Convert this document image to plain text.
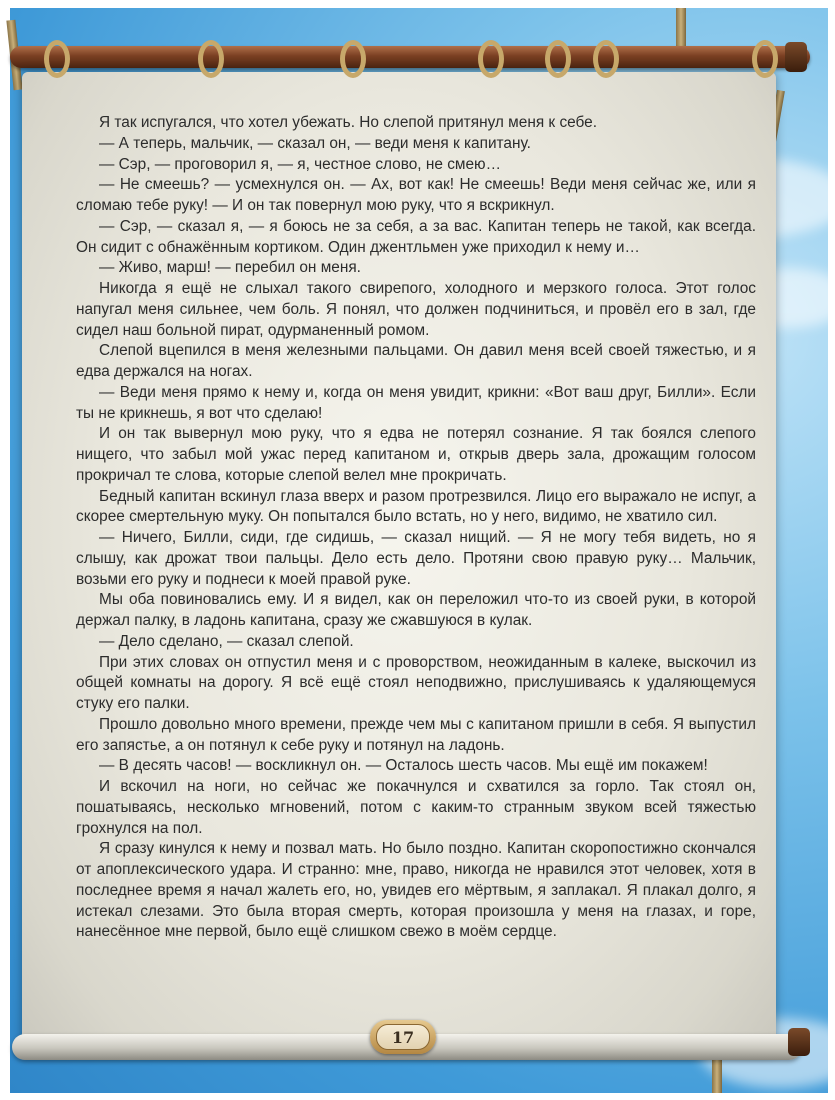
Я так испугался, что хотел убежать. Но слепой притянул меня к себе.

— А теперь, мальчик, — сказал он, — веди меня к капитану.

— Сэр, — проговорил я, — я, честное слово, не смею…

— Не смеешь? — усмехнулся он. — Ах, вот как! Не смеешь! Веди меня сейчас же, или я сломаю тебе руку! — И он так повернул мою руку, что я вскрикнул.

— Сэр, — сказал я, — я боюсь не за себя, а за вас. Капитан теперь не такой, как всегда. Он сидит с обнажённым кортиком. Один джентльмен уже приходил к нему и…

— Живо, марш! — перебил он меня.

Никогда я ещё не слыхал такого свирепого, холодного и мерзкого голоса. Этот голос напугал меня сильнее, чем боль. Я понял, что должен подчиниться, и провёл его в зал, где сидел наш больной пират, одурманенный ромом.

Слепой вцепился в меня железными пальцами. Он давил меня всей своей тяжестью, и я едва держался на ногах.

— Веди меня прямо к нему и, когда он меня увидит, крикни: «Вот ваш друг, Билли». Если ты не крикнешь, я вот что сделаю!

И он так вывернул мою руку, что я едва не потерял сознание. Я так боялся слепого нищего, что забыл мой ужас перед капитаном и, открыв дверь зала, дрожащим голосом прокричал те слова, которые слепой велел мне прокричать.

Бедный капитан вскинул глаза вверх и разом протрезвился. Лицо его выражало не испуг, а скорее смертельную муку. Он попытался было встать, но у него, видимо, не хватило сил.

— Ничего, Билли, сиди, где сидишь, — сказал нищий. — Я не могу тебя видеть, но я слышу, как дрожат твои пальцы. Дело есть дело. Протяни свою правую руку… Мальчик, возьми его руку и поднеси к моей правой руке.

Мы оба повиновались ему. И я видел, как он переложил что-то из своей руки, в которой держал палку, в ладонь капитана, сразу же сжавшуюся в кулак.

— Дело сделано, — сказал слепой.

При этих словах он отпустил меня и с проворством, неожиданным в калеке, выскочил из общей комнаты на дорогу. Я всё ещё стоял неподвижно, прислушиваясь к удаляющемуся стуку его палки.

Прошло довольно много времени, прежде чем мы с капитаном пришли в себя. Я выпустил его запястье, а он потянул к себе руку и потянул на ладонь.

— В десять часов! — воскликнул он. — Осталось шесть часов. Мы ещё им покажем!

И вскочил на ноги, но сейчас же покачнулся и схватился за горло. Так стоял он, пошатываясь, несколько мгновений, потом с каким-то странным звуком всей тяжестью грохнулся на пол.

Я сразу кинулся к нему и позвал мать. Но было поздно. Капитан скоропостижно скончался от апоплексического удара. И странно: мне, право, никогда не нравился этот человек, хотя в последнее время я начал жалеть его, но, увидев его мёртвым, я заплакал. Я плакал долго, я истекал слезами. Это была вторая смерть, которая произошла у меня на глазах, и горе, нанесённое мне первой, было ещё слишком свежо в моём сердце.

17
